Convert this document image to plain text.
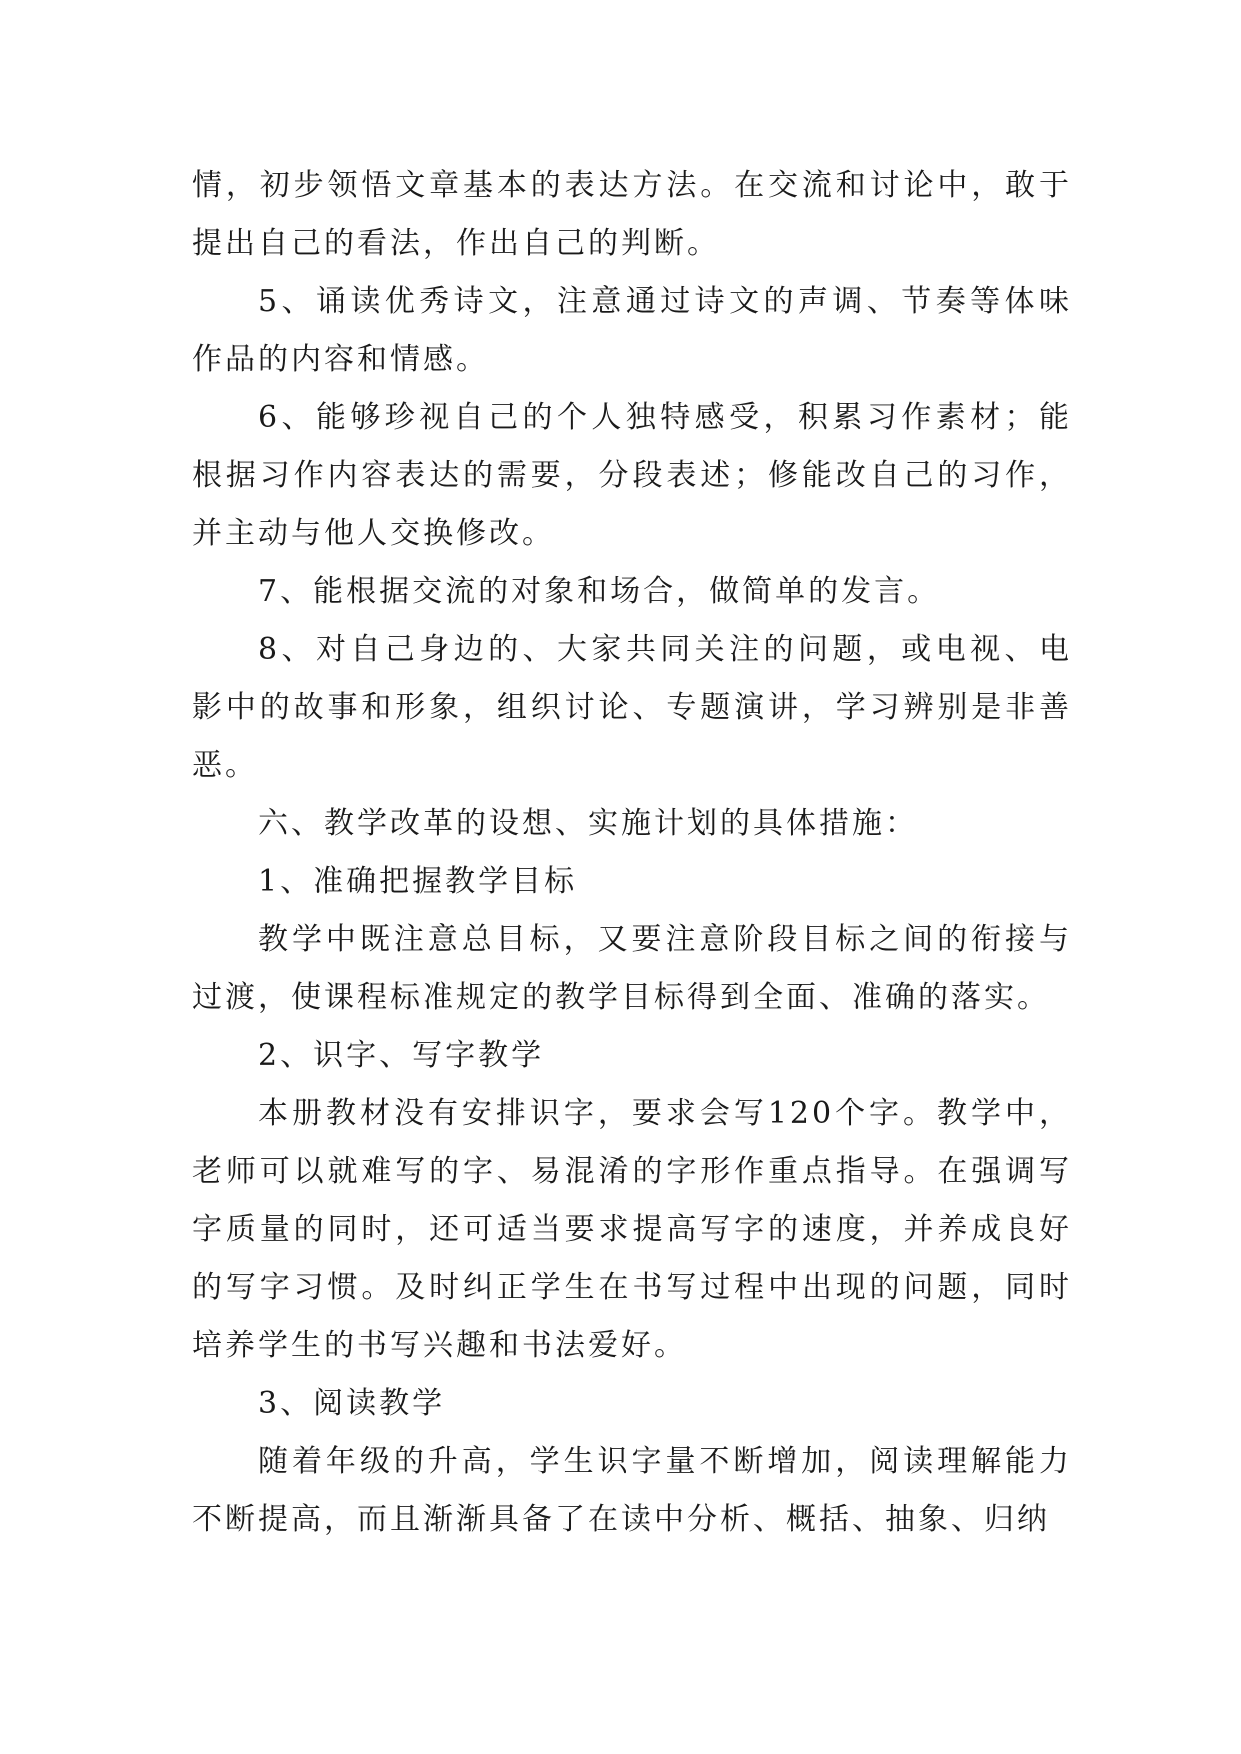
情，初步领悟文章基本的表达方法。在交流和讨论中，敢于提出自己的看法，作出自己的判断。

5、诵读优秀诗文，注意通过诗文的声调、节奏等体味作品的内容和情感。

6、能够珍视自己的个人独特感受，积累习作素材；能根据习作内容表达的需要，分段表述；修能改自己的习作，并主动与他人交换修改。

7、能根据交流的对象和场合，做简单的发言。

8、对自己身边的、大家共同关注的问题，或电视、电影中的故事和形象，组织讨论、专题演讲，学习辨别是非善恶。

六、教学改革的设想、实施计划的具体措施：

1、准确把握教学目标

教学中既注意总目标，又要注意阶段目标之间的衔接与过渡，使课程标准规定的教学目标得到全面、准确的落实。

2、识字、写字教学

本册教材没有安排识字，要求会写120个字。教学中，老师可以就难写的字、易混淆的字形作重点指导。在强调写字质量的同时，还可适当要求提高写字的速度，并养成良好的写字习惯。及时纠正学生在书写过程中出现的问题，同时培养学生的书写兴趣和书法爱好。

3、阅读教学

随着年级的升高，学生识字量不断增加，阅读理解能力不断提高，而且渐渐具备了在读中分析、概括、抽象、归纳
